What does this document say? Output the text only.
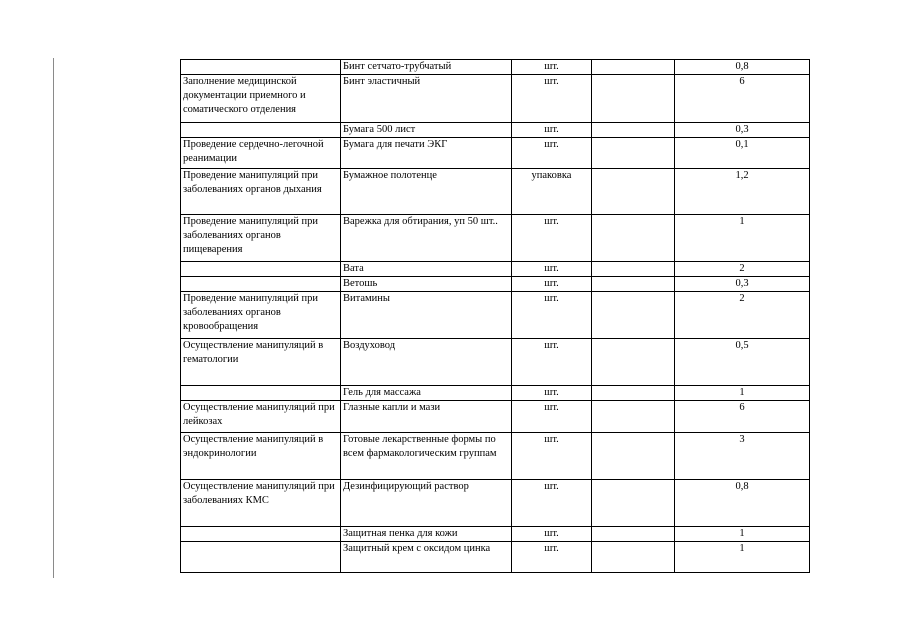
	Бинт сетчато-трубчатый	шт.		0,8
Заполнение медицинской документации приемного и соматического отделения	Бинт эластичный	шт.		6
	Бумага 500 лист	шт.		0,3
Проведение сердечно-легочной реанимации	Бумага для печати ЭКГ	шт.		0,1
Проведение манипуляций при заболеваниях органов дыхания	Бумажное полотенце	упаковка		1,2
Проведение манипуляций при заболеваниях органов пищеварения	Варежка для обтирания, уп 50 шт..	шт.		1
	Вата	шт.		2
	Ветошь	шт.		0,3
Проведение манипуляций при заболеваниях органов кровообращения	Витамины	шт.		2
Осуществление манипуляций в гематологии	Воздуховод	шт.		0,5
	Гель для массажа	шт.		1
Осуществление манипуляций при лейкозах	Глазные капли и мази	шт.		6
Осуществление манипуляций в эндокринологии	Готовые лекарственные формы по всем фармакологическим группам	шт.		3
Осуществление манипуляций при заболеваниях КМС	Дезинфицирующий раствор	шт.		0,8
	Защитная пенка для кожи	шт.		1
	Защитный крем с оксидом цинка	шт.		1
